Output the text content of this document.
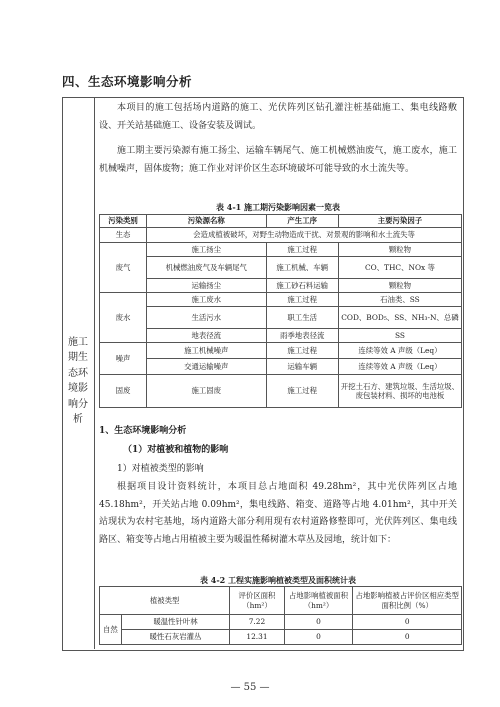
四、生态环境影响分析
施工期生态环境影响分析
本项目的施工包括场内道路的施工、光伏阵列区钻孔灌注桩基础施工、集电线路敷设、开关站基础施工、设备安装及调试。
施工期主要污染源有施工扬尘、运输车辆尾气、施工机械燃油废气，施工废水，施工机械噪声，固体废物；施工作业对评价区生态环境破坏可能导致的水土流失等。
表 4-1 施工期污染影响因素一览表
污染类别	污染源名称	产生工序	主要污染因子
生态	会造成植被破坏，对野生动物造成干扰、对景观的影响和水土流失等		
废气	施工扬尘	施工过程	颗粒物
	机械燃油废气及车辆尾气	施工机械、车辆	CO、THC、NOx 等
	运输扬尘	施工砂石料运输	颗粒物
废水	施工废水	施工过程	石油类、SS
	生活污水	职工生活	COD、BOD₅、SS、NH₃-N、总磷
	地表径流	雨季地表径流	SS
噪声	施工机械噪声	施工过程	连续等效 A 声级（Leq）
	交通运输噪声	运输车辆	连续等效 A 声级（Leq）
固废	施工固废	施工过程	开挖土石方、建筑垃圾、生活垃圾、废包装材料、损坏的电池板
1、生态环境影响分析
（1）对植被和植物的影响
1）对植被类型的影响
根据项目设计资料统计，本项目总占地面积 49.28hm²，其中光伏阵列区占地 45.18hm²，开关站占地 0.09hm²，集电线路、箱变、道路等占地 4.01hm²，其中开关站现状为农村宅基地，场内道路大部分利用现有农村道路修整即可，光伏阵列区、集电线路区、箱变等占地占用植被主要为暖温性稀树灌木草丛及园地，统计如下：
表 4-2 工程实施影响植被类型及面积统计表
植被类型		评价区面积（hm²）	占地影响植被面积（hm²）	占地影响植被占评价区相应类型面积比例（%）
自然	暖温性针叶林	7.22	0	0
	暖性石灰岩灌丛	12.31	0	0
— 55 —
